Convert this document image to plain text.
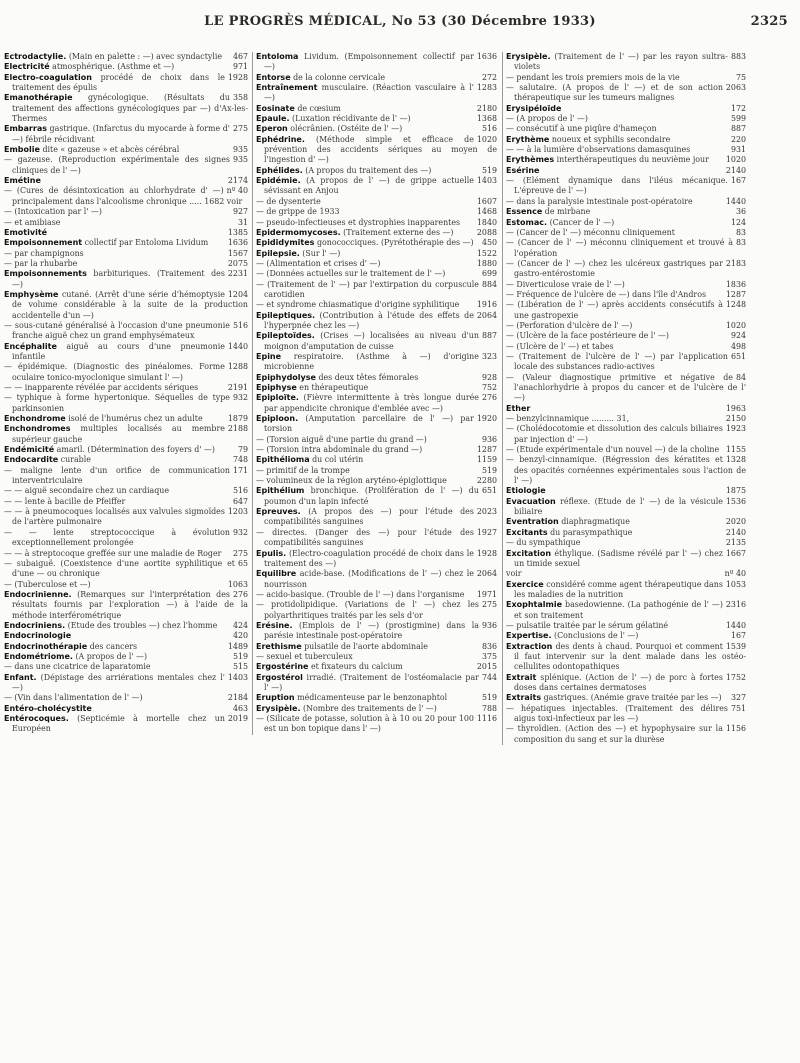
LE PROGRÈS MÉDICAL, No 53 (30 Décembre 1933)	2325

467
Ectrodactylie. (Main en palette : —) avec syndactylie

971
Electricité atmosphérique. (Asthme et —)

1928
Electro-coagulation procédé de choix dans le traitement des épulis

358
Emanothérapie gynécologique. (Résultats du traitement des affections gynécologiques par —) d'Ax-les-Thermes

275
Embarras gastrique. (Infarctus du myocarde à forme d' —) fébrile récidivant

935
Embolie dite « gazeuse » et abcès cérébral

935
— gazeuse. (Reproduction expérimentale des signes cliniques de l' —)

2174
Emétine

nº 40
— (Cures de désintoxication au chlorhydrate d' —) principalement dans l'alcoolisme chronique ..... 1682 voir

927
— (Intoxication par l' —)

31
— et amibiase

1385
Emotivité

1636
Empoisonnement collectif par Entoloma Lividum

1567
— par champignons

2075
— par la rhubarbe

2231
Empoisonnements barbituriques. (Traitement des —)

1204
Emphysème cutané. (Arrêt d'une série d'hémoptysie de volume considérable à la suite de la production accidentelle d'un —)

516
— sous-cutané généralisé à l'occasion d'une pneumonie franche aiguë chez un grand emphysémateux

1440
Encéphalite aiguë au cours d'une pneumonie infantile

1288
— épidémique. (Diagnostic des pinéalomes. Forme oculaire tonico-myoclonique simulant l' —)

2191
— — inapparente révélée par accidents sériques

932
— typhique à forme hypertonique. Séquelles de type parkinsonien

1879
Enchondrome isolé de l'humérus chez un adulte

2188
Enchondromes multiples localisés au membre supérieur gauche

79
Endémicité amaril. (Détermination des foyers d' —)

748
Endocardite curable

171
— maligne lente d'un orifice de communication interventriculaire

516
— — aiguë secondaire chez un cardiaque

647
— — lente à bacille de Pfeiffer

1203
— — à pneumocoques localisés aux valvules sigmoïdes de l'artère pulmonaire

932
— — lente streptococcique à évolution exceptionnellement prolongée

275
— — à streptocoque greffée sur une maladie de Roger

65
— subaiguë. (Coexistence d'une aortite syphilitique et d'une — ou chronique

1063
— (Tuberculose et —)

276
Endocrinienne. (Remarques sur l'interprétation des résultats fournis par l'exploration —) à l'aide de la méthode interférométrique

424
Endocriniens. (Etude des troubles —) chez l'homme

420
Endocrinologie

1489
Endocrinothérapie des cancers

519
Endométriome. (A propos de l' —)

515
— dans une cicatrice de laparatomie

1403
Enfant. (Dépistage des arriérations mentales chez l' —)

2184
— (Vin dans l'alimentation de l' —)

463
Entéro-cholécystite

2019
Entérocoques. (Septicémie à mortelle chez un Européen

1636
Entoloma Lividum. (Empoisonnement collectif par —)

272
Entorse de la colonne cervicale

1283
Entraînement musculaire. (Réaction vasculaire à l' —)

2180
Eosinate de cœsium

1368
Epaule. (Luxation récidivante de l' —)

516
Eperon olécrânien. (Ostéite de l' —)

1020
Ephédrine. (Méthode simple et efficace de prévention des accidents sériques au moyen de l'ingestion d' —)

519
Ephélides. (A propos du traitement des —)

1403
Epidémie. (A propos de l' —) de grippe actuelle sévissant en Anjou

1607
— de dysenterie

1468
— de grippe de 1933

1840
— pseudo-infectieuses et dystrophies inapparentes

2088
Epidermomycoses. (Traitement externe des —)

450
Epididymites gonococciques. (Pyrétothérapie des —)

1522
Epilepsie. (Sur l' —)

1880
— (Alimentation et crises d' —)

699
— (Données actuelles sur le traitement de l' —)

884
— (Traitement de l' —) par l'extirpation du corpuscule carotidien

1916
— et syndrome chiasmatique d'origine syphilitique

2064
Epileptiques. (Contribution à l'étude des effets de l'hyperpnée chez les —)

887
Epileptoïdes. (Crises —) localisées au niveau d'un moignon d'amputation de cuisse

323
Epine respiratoire. (Asthme à —) d'origine microbienne

928
Epiphydolyse des deux têtes fémorales

752
Epiphyse en thérapeutique

276
Epiploïte. (Fièvre intermittente à très longue durée par appendicite chronique d'emblée avec —)

1920
Epiploon. (Amputation parcellaire de l' —) par torsion

936
— (Torsion aiguë d'une partie du grand —)

1287
— (Torsion intra abdominale du grand —)

1159
Epithélioma du col utérin

519
— primitif de la trompe

2280
— volumineux de la région aryténo-épiglottique

651
Epithélium bronchique. (Prolifération de l' —) du poumon d'un lapin infecté

2023
Epreuves. (A propos des —) pour l'étude des compatibilités sanguines

1927
— directes. (Danger des —) pour l'étude des compatibilités sanguines

1928
Epulis. (Electro-coagulation procédé de choix dans le traitement des —)

2064
Equilibre acide-base. (Modifications de l' —) chez le nourrisson

1971
— acido-basique. (Trouble de l' —) dans l'organisme

275
— protidolipidique. (Variations de l' —) chez les polyarthritiques traités par les sels d'or

936
Erésine. (Emplois de l' —) (prostigmine) dans la parésie intestinale post-opératoire

836
Erethisme pulsatile de l'aorte abdominale

375
— sexuel et tuberculeux

2015
Ergostérine et fixateurs du calcium

744
Ergostérol irradié. (Traitement de l'ostéomalacie par l' —)

519
Eruption médicamenteuse par le benzonaphtol

788
Erysipèle. (Nombre des traitements de l' —)

1116
— (Silicate de potasse, solution à à 10 ou 20 pour 100 est un bon topique dans l' —)

883
Erysipèle. (Traitement de l' —) par les rayon sultra-violets

75
— pendant les trois premiers mois de la vie

2063
— salutaire. (A propos de l' —) et de son action thérapeutique sur les tumeurs malignes

172
Erysipéloïde

599
— (A propos de l' —)

887
— consécutif à une piqûre d'hameçon

220
Erythème noueux et syphilis secondaire

931
— — à la lumière d'observations damasquines

1020
Erythèmes interthérapeutiques du neuvième jour

2140
Esérine

167
— (Elément dynamique dans l'iléus mécanique. L'épreuve de l' —)

1440
— dans la paralysie intestinale post-opératoire

36
Essence de mirbane

124
Estomac. (Cancer de l' —)

83
— (Cancer de l' —) méconnu cliniquement

83
— (Cancer de l' —) méconnu cliniquement et trouvé à l'opération

2183
— (Cancer de l' —) chez les ulcéreux gastriques par gastro-entérostomie

1836
— Diverticulose vraie de l' —)

1287
— Fréquence de l'ulcère de —) dans l'île d'Andros

1248
— (Libération de l' —) après accidents consécutifs à une gastropexie

1020
— (Perforation d'ulcère de l' —)

924
— (Ulcère de la face postérieure de l' —)

498
— (Ulcère de l' —) et tabes

651
— (Traitement de l'ulcère de l' —) par l'application locale des substances radio-actives

84
— (Valeur diagnostique primitive et négative de l'anachlorhydrie à propos du cancer et de l'ulcère de l' —)

1963
Ether

2150
— benzylcinnamique ......... 31,

1923
— (Cholédocotomie et dissolution des calculs biliaires par injection d' —)

1155
— (Etude expérimentale d'un nouvel —) de la choline

1328
— benzyl-cinnamique. (Régression des kératites et des opacités cornéennes expérimentales sous l'action de l' —)

1875
Etiologie

1536
Evacuation réflexe. (Etude de l' —) de la vésicule biliaire

2020
Eventration diaphragmatique

2140
Excitants du parasympathique

2135
— du sympathique

1667
Excitation éthylique. (Sadisme révélé par l' —) chez un timide sexuel

nº 40
voir

1053
Exercice considéré comme agent thérapeutique dans les maladies de la nutrition

2316
Exophtalmie basedowienne. (La pathogénie de l' —) et son traitement

1440
— pulsatile traitée par le sérum gélatiné

167
Expertise. (Conclusions de l' —)

1539
Extraction des dents à chaud. Pourquoi et comment il faut intervenir sur la dent malade dans les ostéo-cellulites odontopathiques

1752
Extrait splénique. (Action de l' —) de porc à fortes doses dans certaines dermatoses

327
Extraits gastriques. (Anémie grave traitée par les —)

751
— hépatiques injectables. (Traitement des délires aigus toxi-infectieux par les —)

1156
— thyroïdien. (Action des —) et hypophysaire sur la composition du sang et sur la diurèse
